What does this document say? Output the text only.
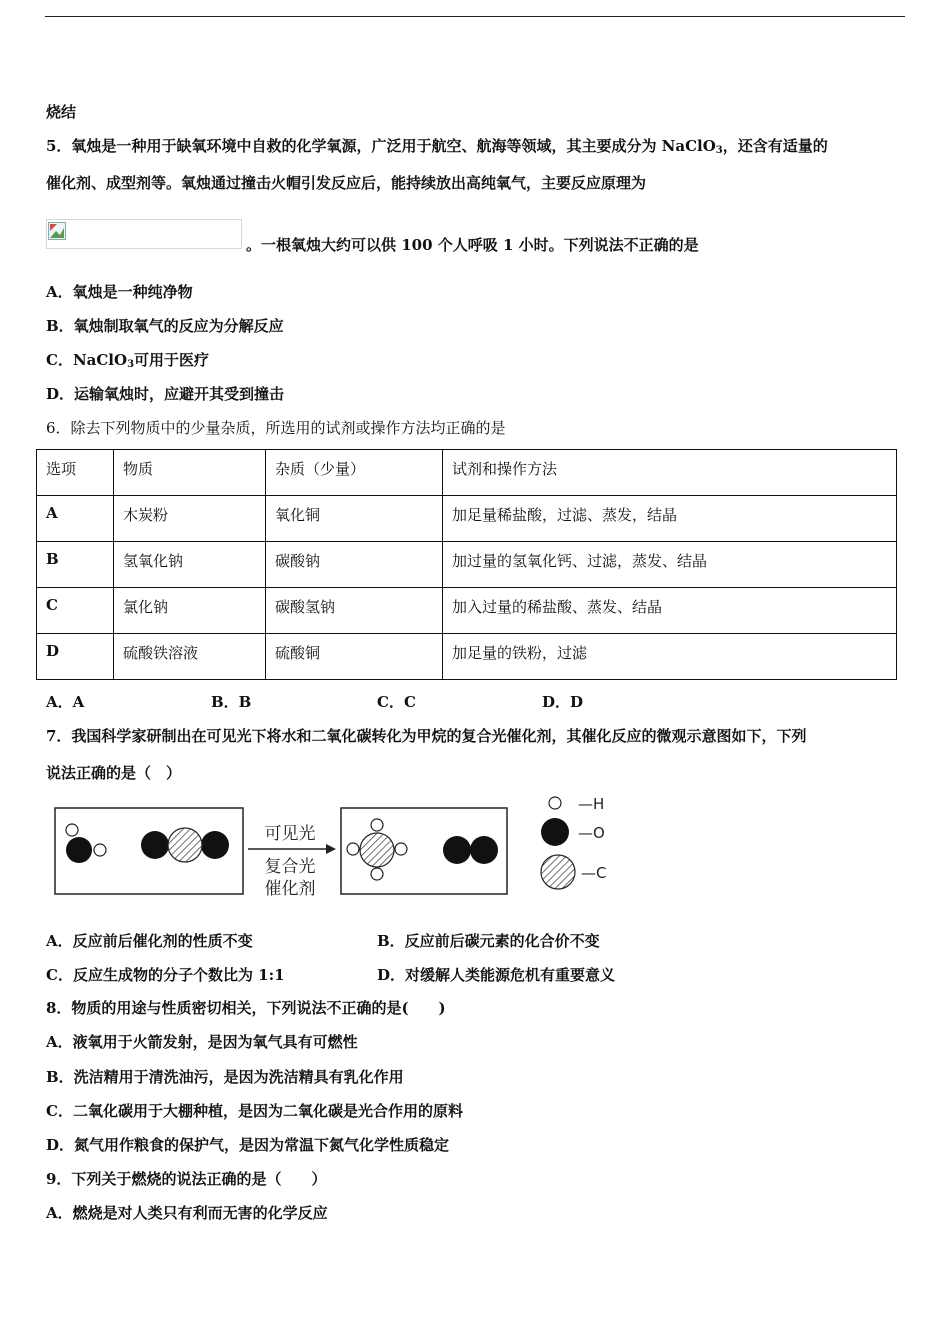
烧结
5．氧烛是一种用于缺氧环境中自救的化学氧源，广泛用于航空、航海等领域，其主要成分为 NaClO$_3$，还含有适量的
催化剂、成型剂等。氧烛通过撞击火帽引发反应后，能持续放出高纯氧气，主要反应原理为
。一根氧烛大约可以供 100 个人呼吸 1 小时。下列说法不正确的是
A．氧烛是一种纯净物
B．氧烛制取氧气的反应为分解反应
C．NaClO$_3$可用于医疗
D．运输氧烛时，应避开其受到撞击
6．除去下列物质中的少量杂质，所选用的试剂或操作方法均正确的是
选项	物质	杂质（少量）	试剂和操作方法
A	木炭粉	氧化铜	加足量稀盐酸，过滤、蒸发，结晶
B	氢氧化钠	碳酸钠	加过量的氢氧化钙、过滤，蒸发、结晶
C	氯化钠	碳酸氢钠	加入过量的稀盐酸、蒸发、结晶
D	硫酸铁溶液	硫酸铜	加足量的铁粉，过滤
A．A	B．B	C．C	D．D
7．我国科学家研制出在可见光下将水和二氧化碳转化为甲烷的复合光催化剂，其催化反应的微观示意图如下，下列
说法正确的是（　）
可见光
复合光
催化剂
—H
—O
—C
A．反应前后催化剂的性质不变	B．反应前后碳元素的化合价不变
C．反应生成物的分子个数比为 1:1	D．对缓解人类能源危机有重要意义
8．物质的用途与性质密切相关，下列说法不正确的是(　　)
A．液氧用于火箭发射，是因为氧气具有可燃性
B．洗洁精用于清洗油污，是因为洗洁精具有乳化作用
C．二氧化碳用于大棚种植，是因为二氧化碳是光合作用的原料
D．氮气用作粮食的保护气，是因为常温下氮气化学性质稳定
9．下列关于燃烧的说法正确的是（　　）
A．燃烧是对人类只有利而无害的化学反应
